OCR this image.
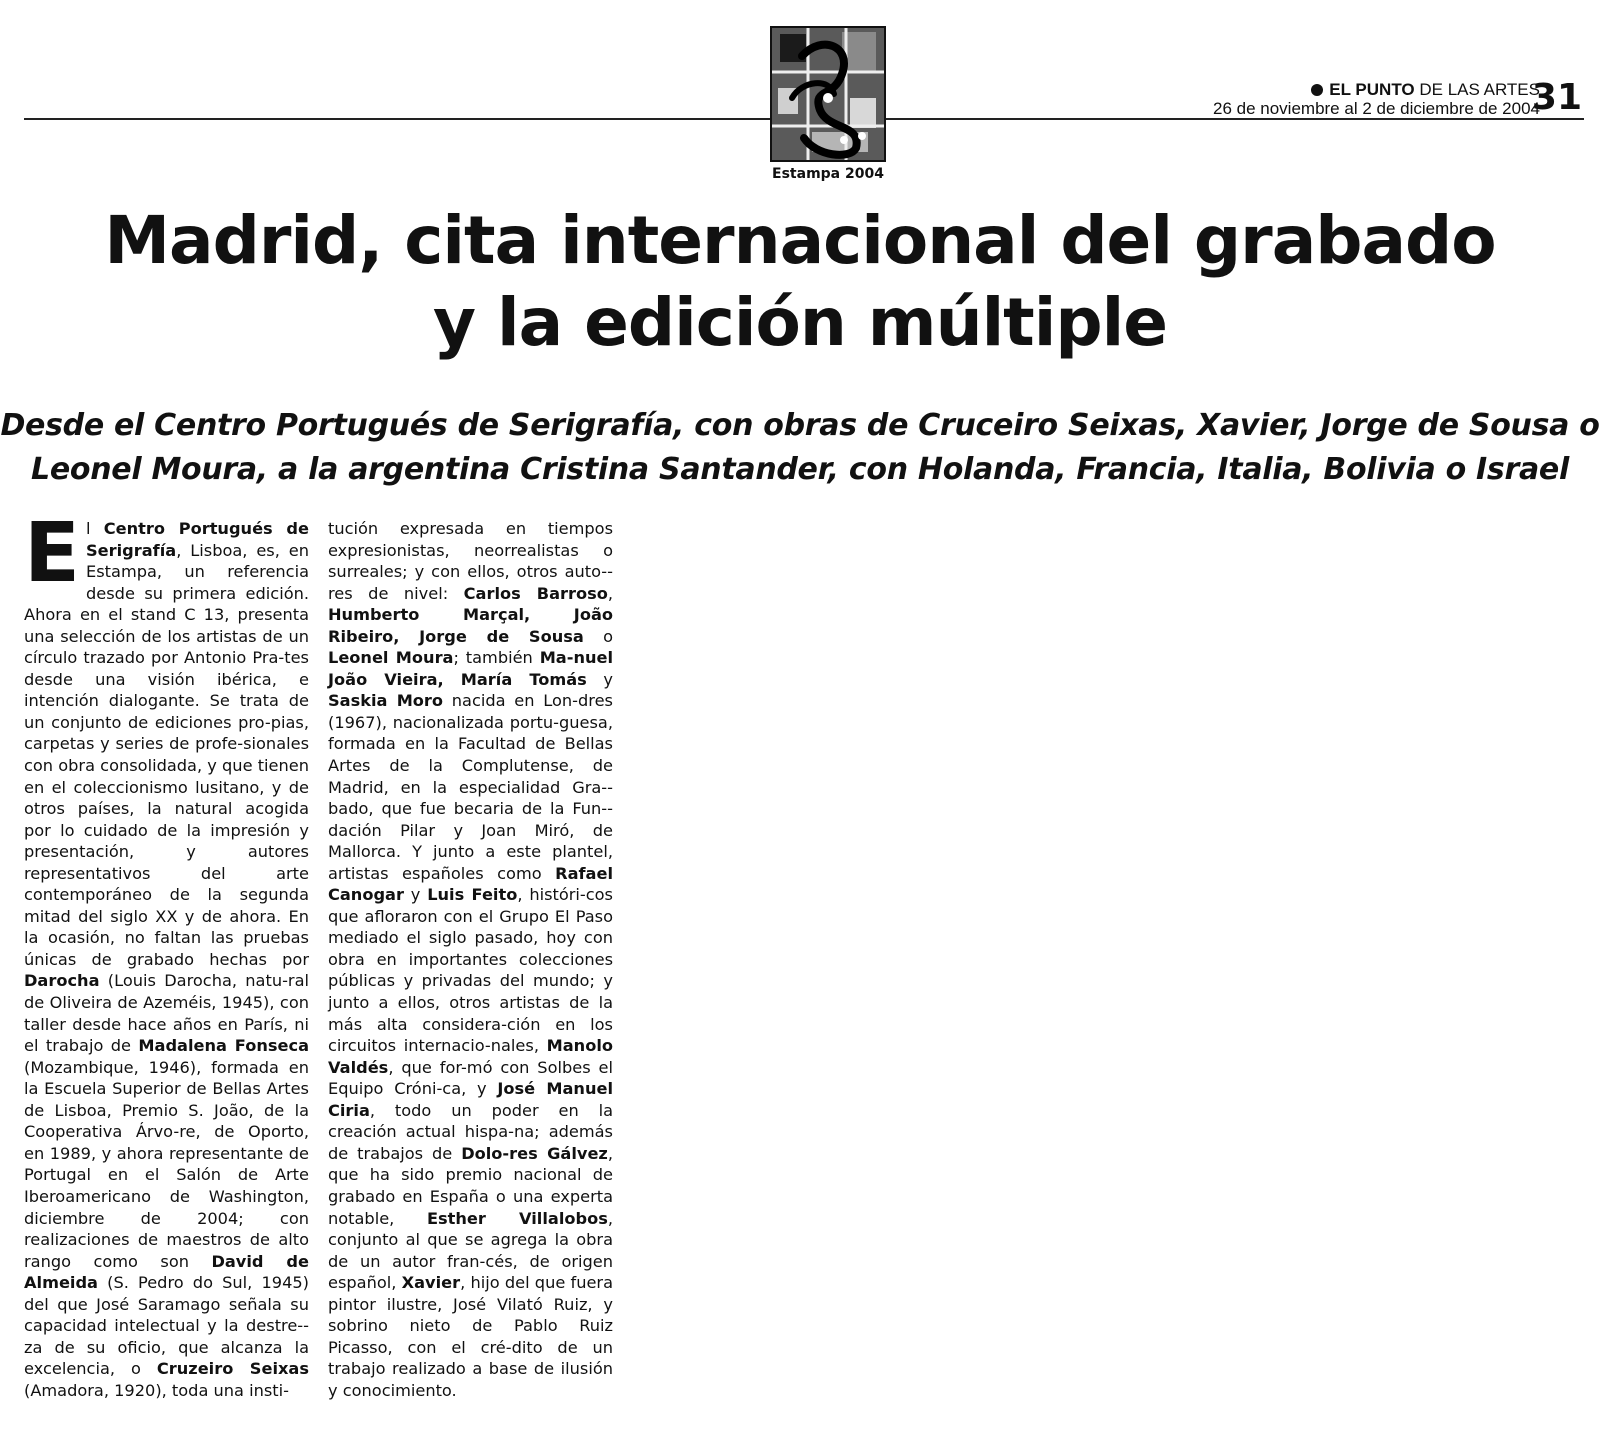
Estampa 2004
EL PUNTO DE LAS ARTES
26 de noviembre al 2 de diciembre de 2004
31
Madrid, cita internacional del grabado
y la edición múltiple
Desde el Centro Portugués de Serigrafía, con obras de Cruceiro Seixas, Xavier, Jorge de Sousa o
Leonel Moura, a la argentina Cristina Santander, con Holanda, Francia, Italia, Bolivia o Israel

El Centro Portugués de Serigrafía, Lisboa, es, en Estampa, un referencia desde su primera edición. Ahora en el stand C 13, presenta una selección de los artistas de un círculo trazado por Antonio Pra-tes desde una visión ibérica, e intención dialogante. Se trata de un conjunto de ediciones pro-pias, carpetas y series de profe-sionales con obra consolidada, y que tienen en el coleccionismo lusitano, y de otros países, la natural acogida por lo cuidado de la impresión y presentación, y autores representativos del arte contemporáneo de la segunda mitad del siglo XX y de ahora. En la ocasión, no faltan las pruebas únicas de grabado hechas por Darocha (Louis Darocha, natu-ral de Oliveira de Azeméis, 1945), con taller desde hace años en París, ni el trabajo de Madalena Fonseca (Mozambique, 1946), formada en la Escuela Superior de Bellas Artes de Lisboa, Premio S. João, de la Cooperativa Árvo-re, de Oporto, en 1989, y ahora representante de Portugal en el Salón de Arte Iberoamericano de Washington, diciembre de 2004; con realizaciones de maestros de alto rango como son David de Almeida (S. Pedro do Sul, 1945) del que José Saramago señala su capacidad intelectual y la destre-za de su oficio, que alcanza la excelencia, o Cruzeiro Seixas (Amadora, 1920), toda una insti-

tución expresada en tiempos expresionistas, neorrealistas o surreales; y con ellos, otros auto-res de nivel: Carlos Barroso, Humberto Marçal, João Ribeiro, Jorge de Sousa o Leonel Moura; también Ma-nuel João Vieira, María Tomás y Saskia Moro nacida en Lon-dres (1967), nacionalizada portu-guesa, formada en la Facultad de Bellas Artes de la Complutense, de Madrid, en la especialidad Gra-bado, que fue becaria de la Fun-dación Pilar y Joan Miró, de Mallorca. Y junto a este plantel, artistas españoles como Rafael Canogar y Luis Feito, históri-cos que afloraron con el Grupo El Paso mediado el siglo pasado, hoy con obra en importantes colecciones públicas y privadas del mundo; y junto a ellos, otros artistas de la más alta considera-ción en los circuitos internacio-nales, Manolo Valdés, que for-mó con Solbes el Equipo Cróni-ca, y José Manuel Ciria, todo un poder en la creación actual hispa-na; además de trabajos de Dolo-res Gálvez, que ha sido premio nacional de grabado en España o una experta notable, Esther Villalobos, conjunto al que se agrega la obra de un autor fran-cés, de origen español, Xavier, hijo del que fuera pintor ilustre, José Vilató Ruiz, y sobrino nieto de Pablo Ruiz Picasso, con el cré-dito de un trabajo realizado a base de ilusión y conocimiento.
